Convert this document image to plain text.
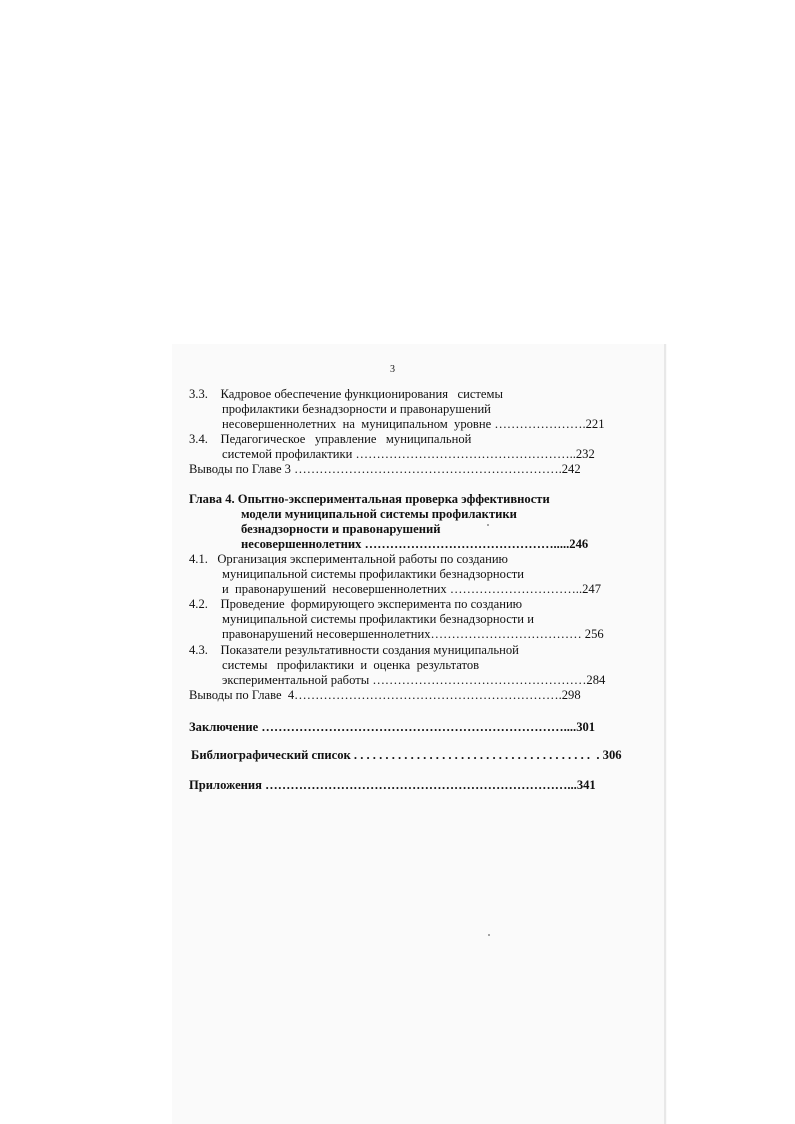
3
3.3.    Кадровое обеспечение функционирования   системы
профилактики безнадзорности и правонарушений
несовершеннолетних  на  муниципальном  уровне ………………….221
3.4.    Педагогическое   управление   муниципальной
системой профилактики ……………………………………………..232
Выводы по Главе 3 ……………………………………………………….242
Глава 4. Опытно-экспериментальная проверка эффективности
модели муниципальной системы профилактики
безнадзорности и правонарушений
несовершеннолетних ……………………………………….....246
4.1.   Организация экспериментальной работы по созданию
муниципальной системы профилактики безнадзорности
и  правонарушений  несовершеннолетних …………………………..247
4.2.    Проведение  формирующего эксперимента по созданию
муниципальной системы профилактики безнадзорности и
правонарушений несовершеннолетних……………………………… 256
4.3.    Показатели результативности создания муниципальной
системы   профилактики  и  оценка  результатов
экспериментальной работы ……………………………………………284
Выводы по Главе  4……………………………………………………….298
Заключение ………………………………………………………………....301
Библиографический список . . . . . . . . . . . . . . . . . . . . . . . . . . . . . . . . . . . . . .  . 306
Приложения ………………………………………………………………...341
